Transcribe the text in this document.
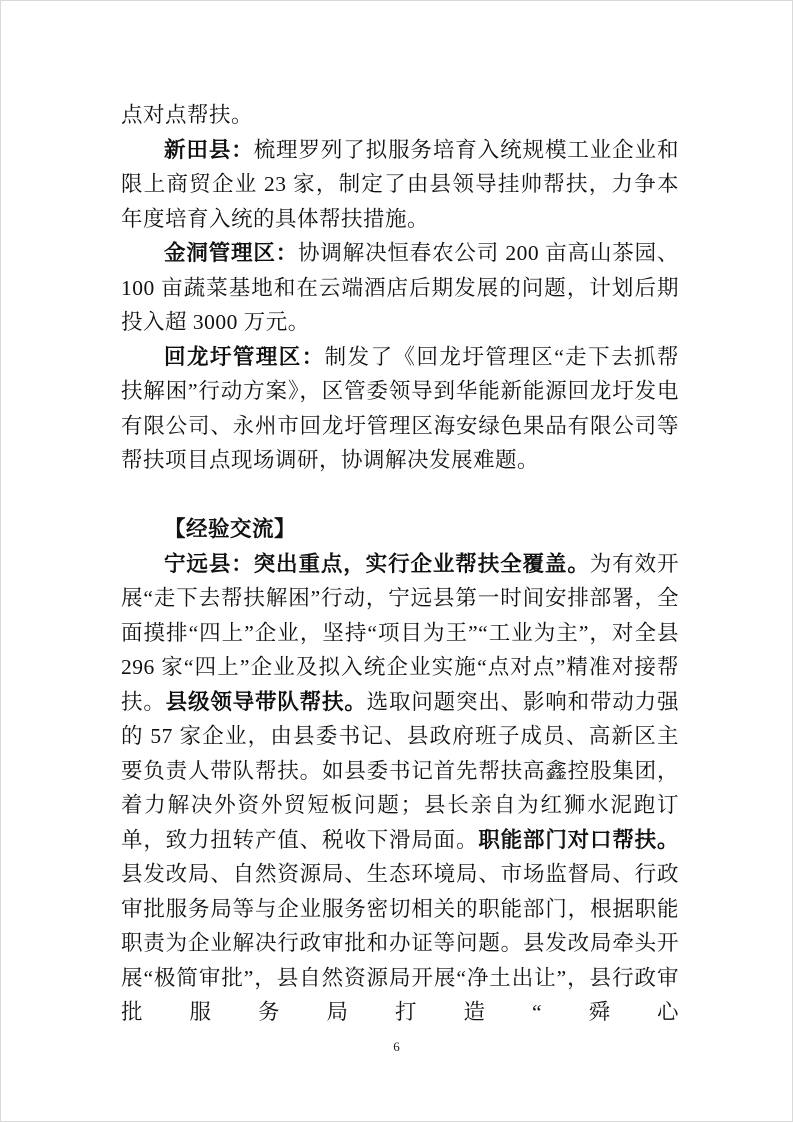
点对点帮扶。

新田县：梳理罗列了拟服务培育入统规模工业企业和限上商贸企业 23 家，制定了由县领导挂帅帮扶，力争本年度培育入统的具体帮扶措施。

金洞管理区：协调解决恒春农公司 200 亩高山茶园、100 亩蔬菜基地和在云端酒店后期发展的问题，计划后期投入超 3000 万元。

回龙圩管理区：制发了《回龙圩管理区“走下去抓帮扶解困”行动方案》，区管委领导到华能新能源回龙圩发电有限公司、永州市回龙圩管理区海安绿色果品有限公司等帮扶项目点现场调研，协调解决发展难题。

【经验交流】

宁远县：突出重点，实行企业帮扶全覆盖。为有效开展“走下去帮扶解困”行动，宁远县第一时间安排部署，全面摸排“四上”企业，坚持“项目为王”“工业为主”，对全县 296 家“四上”企业及拟入统企业实施“点对点”精准对接帮扶。县级领导带队帮扶。选取问题突出、影响和带动力强的 57 家企业，由县委书记、县政府班子成员、高新区主要负责人带队帮扶。如县委书记首先帮扶高鑫控股集团，着力解决外资外贸短板问题；县长亲自为红狮水泥跑订单，致力扭转产值、税收下滑局面。职能部门对口帮扶。县发改局、自然资源局、生态环境局、市场监督局、行政审批服务局等与企业服务密切相关的职能部门，根据职能职责为企业解决行政审批和办证等问题。县发改局牵头开展“极简审批”，县自然资源局开展“净土出让”，县行政审批服务局打造“舜心

6
